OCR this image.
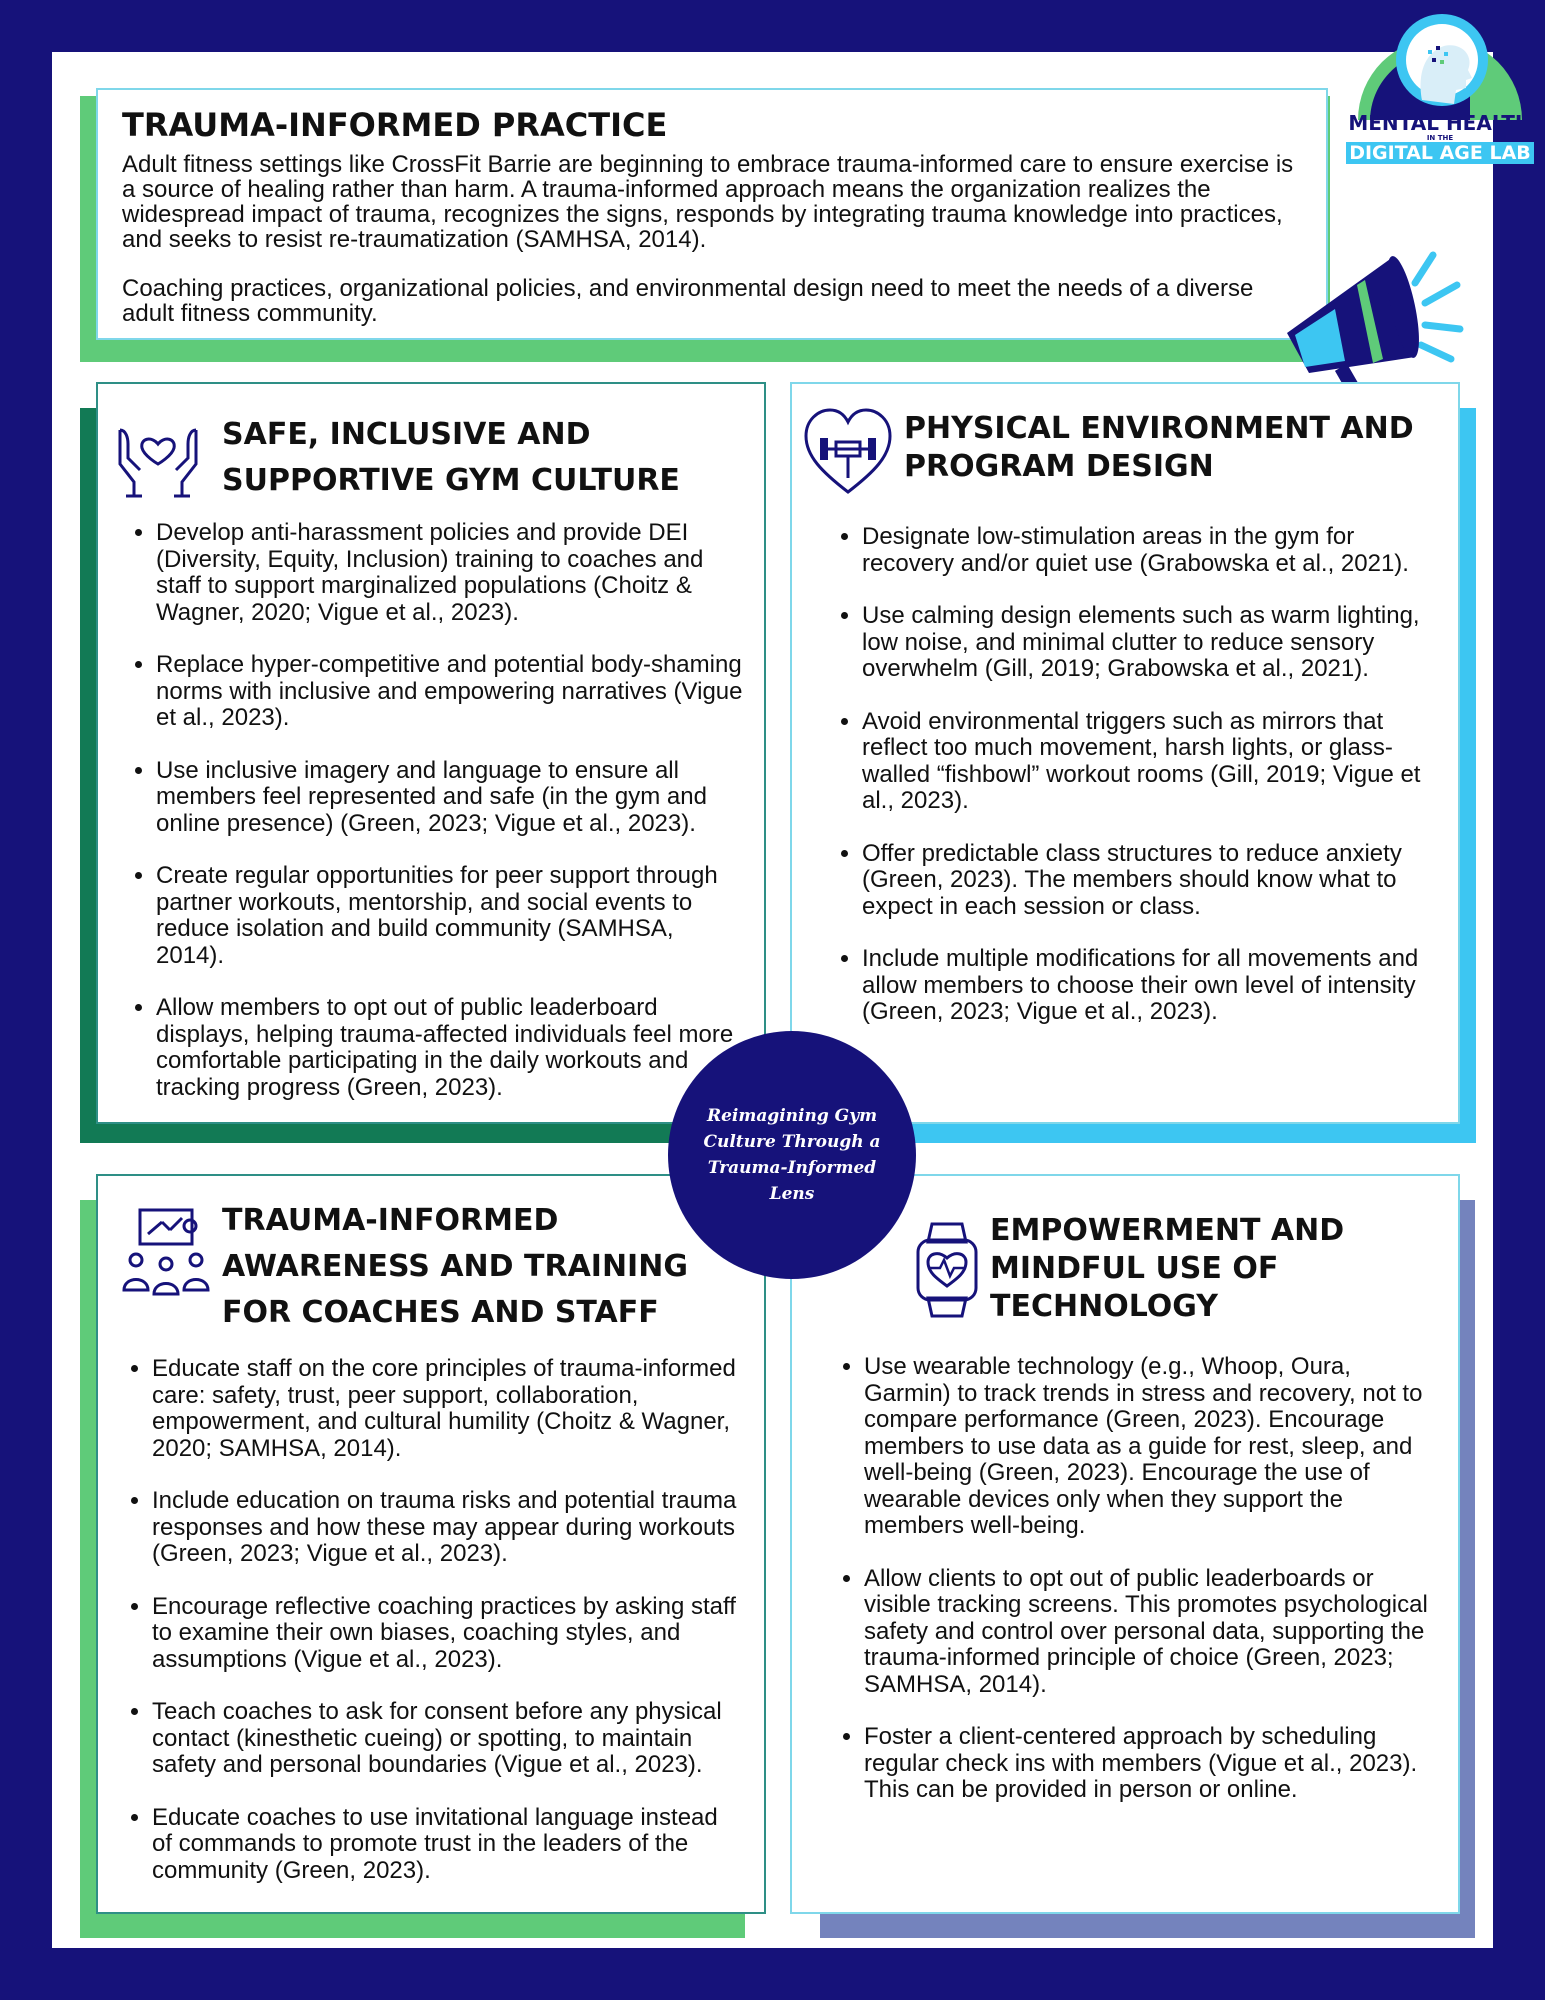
MENTAL HEALTH
IN THE
DIGITAL AGE LAB
TRAUMA-INFORMED PRACTICE

Adult fitness settings like CrossFit Barrie are beginning to embrace trauma-informed care to ensure exercise is a source of healing rather than harm. A trauma-informed approach means the organization realizes the widespread impact of trauma, recognizes the signs, responds by integrating trauma knowledge into practices, and seeks to resist re-traumatization (SAMHSA, 2014).

Coaching practices, organizational policies, and environmental design need to meet the needs of a diverse adult fitness community.

SAFE, INCLUSIVE AND
SUPPORTIVE GYM CULTURE
• Develop anti-harassment policies and provide DEI (Diversity, Equity, Inclusion) training to coaches and staff to support marginalized populations (Choitz & Wagner, 2020; Vigue et al., 2023).
• Replace hyper-competitive and potential body-shaming norms with inclusive and empowering narratives (Vigue et al., 2023).
• Use inclusive imagery and language to ensure all members feel represented and safe (in the gym and online presence) (Green, 2023; Vigue et al., 2023).
• Create regular opportunities for peer support through partner workouts, mentorship, and social events to reduce isolation and build community (SAMHSA, 2014).
• Allow members to opt out of public leaderboard displays, helping trauma-affected individuals feel more comfortable participating in the daily workouts and tracking progress (Green, 2023).
PHYSICAL ENVIRONMENT AND
PROGRAM DESIGN
• Designate low-stimulation areas in the gym for recovery and/or quiet use (Grabowska et al., 2021).
• Use calming design elements such as warm lighting, low noise, and minimal clutter to reduce sensory overwhelm (Gill, 2019; Grabowska et al., 2021).
• Avoid environmental triggers such as mirrors that reflect too much movement, harsh lights, or glass-walled “fishbowl” workout rooms (Gill, 2019; Vigue et al., 2023).
• Offer predictable class structures to reduce anxiety (Green, 2023). The members should know what to expect in each session or class.
• Include multiple modifications for all movements and allow members to choose their own level of intensity (Green, 2023; Vigue et al., 2023).
TRAUMA-INFORMED
AWARENESS AND TRAINING
FOR COACHES AND STAFF
• Educate staff on the core principles of trauma-informed care: safety, trust, peer support, collaboration, empowerment, and cultural humility (Choitz & Wagner, 2020; SAMHSA, 2014).
• Include education on trauma risks and potential trauma responses and how these may appear during workouts (Green, 2023; Vigue et al., 2023).
• Encourage reflective coaching practices by asking staff to examine their own biases, coaching styles, and assumptions (Vigue et al., 2023).
• Teach coaches to ask for consent before any physical contact (kinesthetic cueing) or spotting, to maintain safety and personal boundaries (Vigue et al., 2023).
• Educate coaches to use invitational language instead of commands to promote trust in the leaders of the community (Green, 2023).
EMPOWERMENT AND
MINDFUL USE OF
TECHNOLOGY
• Use wearable technology (e.g., Whoop, Oura, Garmin) to track trends in stress and recovery, not to compare performance (Green, 2023). Encourage members to use data as a guide for rest, sleep, and well-being (Green, 2023). Encourage the use of wearable devices only when they support the members well-being.
• Allow clients to opt out of public leaderboards or visible tracking screens. This promotes psychological safety and control over personal data, supporting the trauma-informed principle of choice (Green, 2023; SAMHSA, 2014).
• Foster a client-centered approach by scheduling regular check ins with members (Vigue et al., 2023). This can be provided in person or online.
Reimagining Gym Culture Through a Trauma-Informed Lens
